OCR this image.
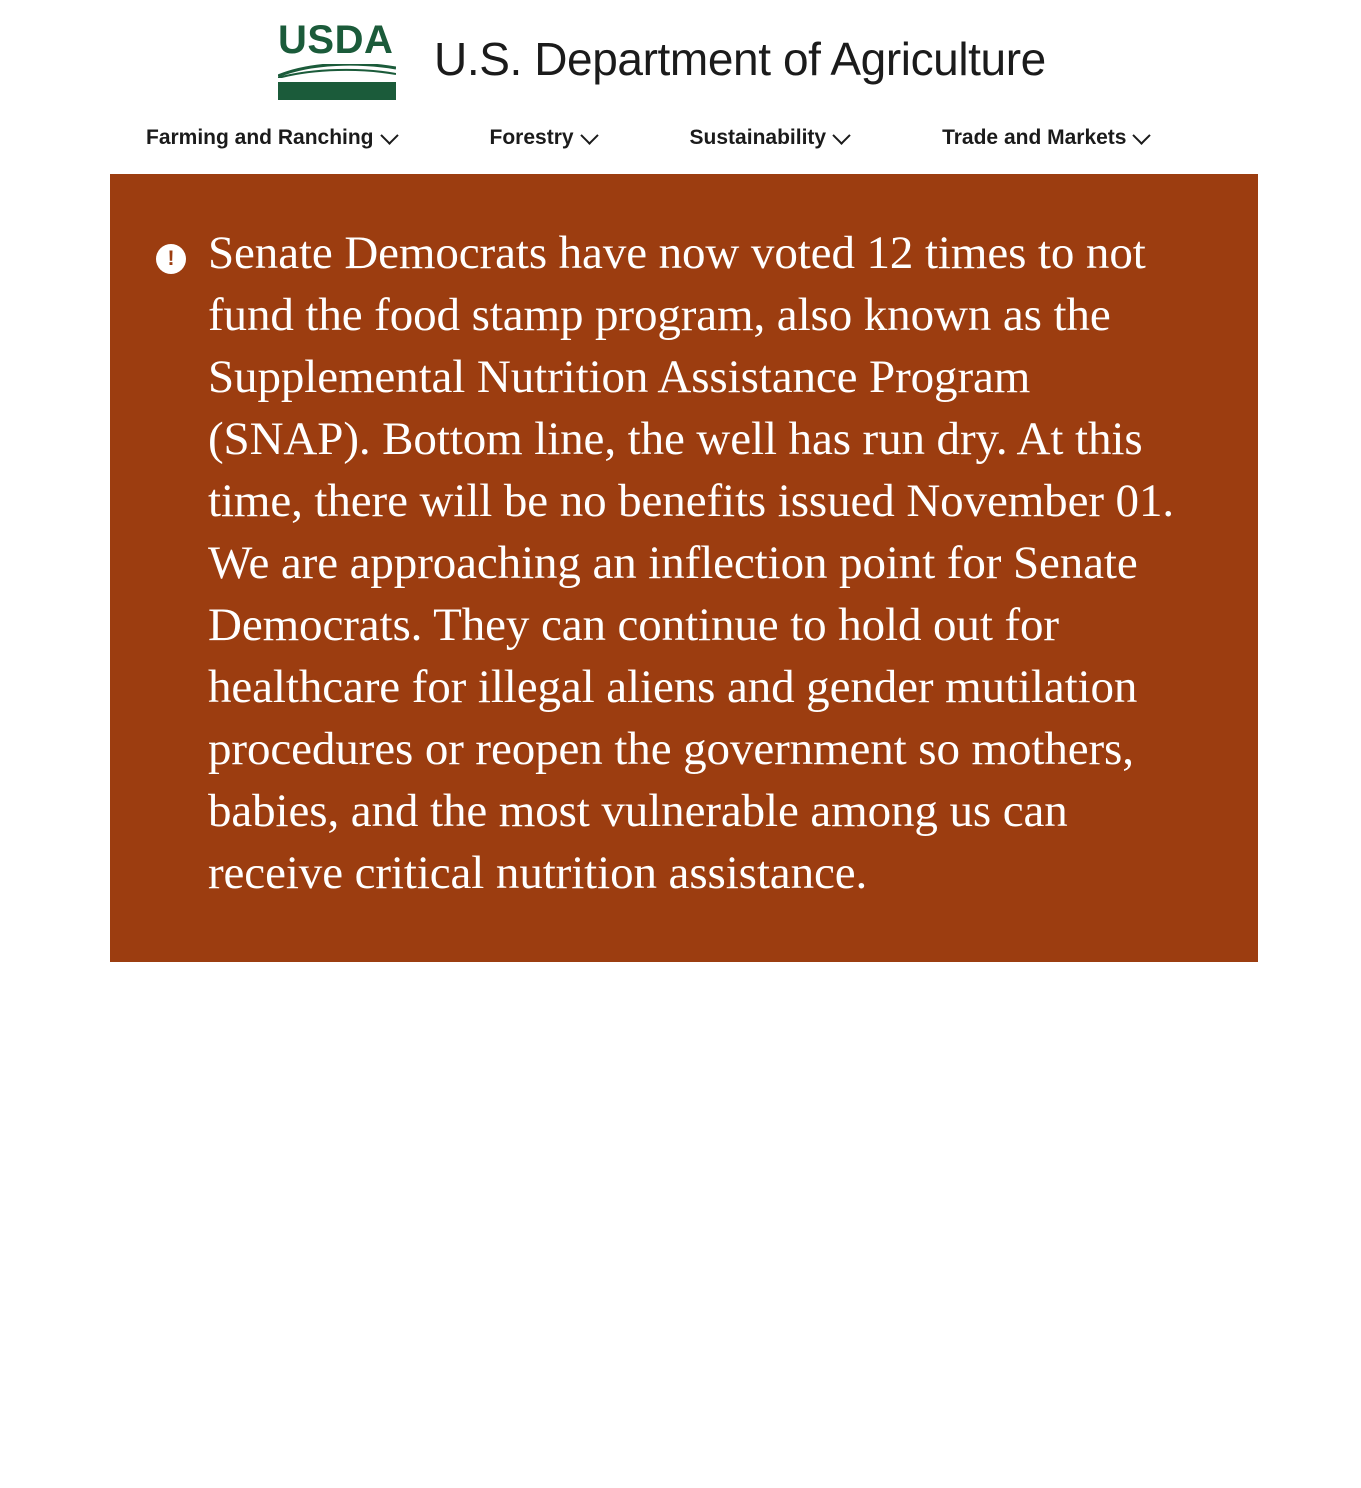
USDA U.S. Department of Agriculture
Farming and Ranching	Forestry	Sustainability	Trade and Markets
! Senate Democrats have now voted 12 times to not fund the food stamp program, also known as the Supplemental Nutrition Assistance Program (SNAP). Bottom line, the well has run dry. At this time, there will be no benefits issued November 01. We are approaching an inflection point for Senate Democrats. They can continue to hold out for healthcare for illegal aliens and gender mutilation procedures or reopen the government so mothers, babies, and the most vulnerable among us can receive critical nutrition assistance.
